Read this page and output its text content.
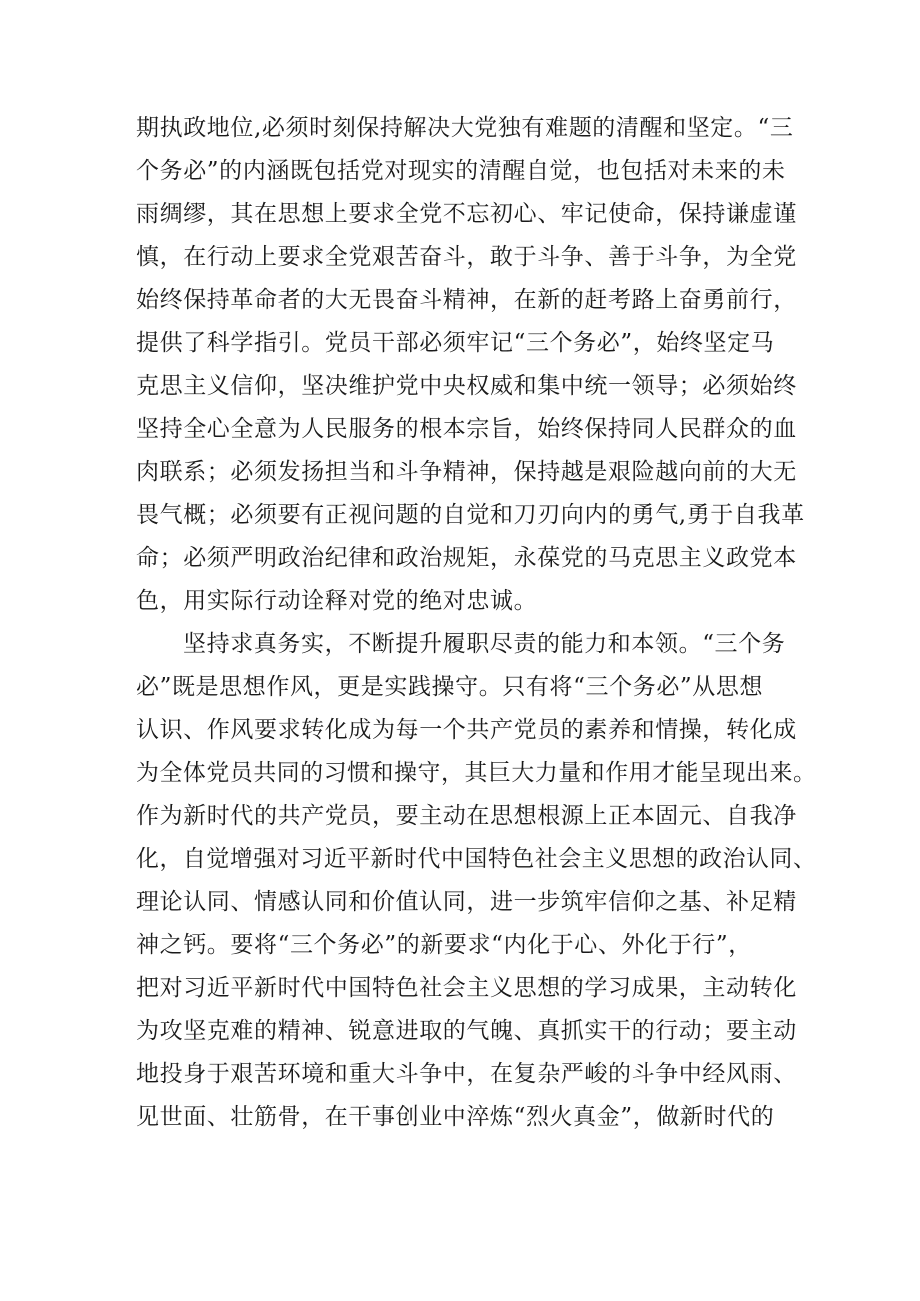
期执政地位,必须时刻保持解决大党独有难题的清醒和坚定。“三
个务必”的内涵既包括党对现实的清醒自觉，也包括对未来的未
雨绸缪，其在思想上要求全党不忘初心、牢记使命，保持谦虚谨
慎，在行动上要求全党艰苦奋斗，敢于斗争、善于斗争，为全党
始终保持革命者的大无畏奋斗精神，在新的赶考路上奋勇前行，
提供了科学指引。党员干部必须牢记“三个务必”，始终坚定马
克思主义信仰，坚决维护党中央权威和集中统一领导；必须始终
坚持全心全意为人民服务的根本宗旨，始终保持同人民群众的血
肉联系；必须发扬担当和斗争精神，保持越是艰险越向前的大无
畏气概；必须要有正视问题的自觉和刀刃向内的勇气,勇于自我革
命；必须严明政治纪律和政治规矩，永葆党的马克思主义政党本
色，用实际行动诠释对党的绝对忠诚。
坚持求真务实，不断提升履职尽责的能力和本领。“三个务
必”既是思想作风，更是实践操守。只有将“三个务必”从思想
认识、作风要求转化成为每一个共产党员的素养和情操，转化成
为全体党员共同的习惯和操守，其巨大力量和作用才能呈现出来。
作为新时代的共产党员，要主动在思想根源上正本固元、自我净
化，自觉增强对习近平新时代中国特色社会主义思想的政治认同、
理论认同、情感认同和价值认同，进一步筑牢信仰之基、补足精
神之钙。要将“三个务必”的新要求“内化于心、外化于行”，
把对习近平新时代中国特色社会主义思想的学习成果，主动转化
为攻坚克难的精神、锐意进取的气魄、真抓实干的行动；要主动
地投身于艰苦环境和重大斗争中，在复杂严峻的斗争中经风雨、
见世面、壮筋骨，在干事创业中淬炼“烈火真金”，做新时代的
